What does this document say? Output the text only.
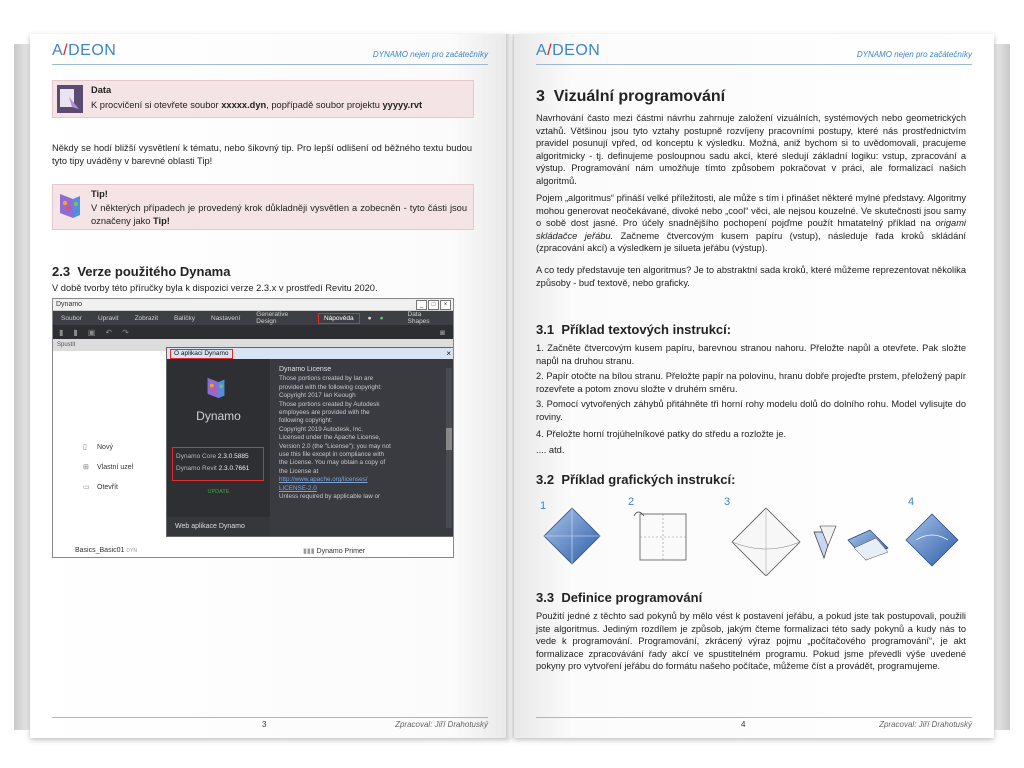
A/DEON	DYNAMO nejen pro začátečníky
Data
K procvičení si otevřete soubor xxxxx.dyn, popřípadě soubor projektu yyyyy.rvt

Někdy se hodí bližší vysvětlení k tématu, nebo šikovný tip. Pro lepší odlišení od běžného textu budou tyto tipy uváděny v barevné oblasti Tip!

Tip!
V některých případech je provedený krok důkladněji vysvětlen a zobecněn - tyto části jsou označeny jako Tip!
2.3 Verze použitého Dynama

V době tvorby této příručky byla k dispozici verze 2.3.x v prostředí Revitu 2020.

Dynamo	_	□	×
Soubor	Upravit	Zobrazit	Balíčky	Nastavení	Generative Design	Nápověda	● ●	Data Shapes
▮ ▮ ▣ ↶ ↷	◙
Spustit
▯ Nový
⊞ Vlastní uzel
▭ Otevřít
O aplikaci Dynamo	×
Dynamo
Dynamo Core 2.3.0.5885
Dynamo Revit 2.3.0.7661
UPDATE
Web aplikace Dynamo
Dynamo License
Those portions created by Ian are
provided with the following copyright:
Copyright 2017 Ian Keough
Those portions created by Autodesk
employees are provided with the
following copyright:
Copyright 2019 Autodesk, Inc.
Licensed under the Apache License,
Version 2.0 (the "License"); you may not
use this file except in compliance with
the License. You may obtain a copy of
the License at
http://www.apache.org/licenses/
LICENSE-2.0
Unless required by applicable law or
Basics_Basic01 DYN	▮▮▮ Dynamo Primer
3	Zpracoval: Jiří Drahotuský
A/DEON	DYNAMO nejen pro začátečníky
3 Vizuální programování

Navrhování často mezi částmi návrhu zahrnuje založení vizuálních, systémových nebo geometrických vztahů. Většinou jsou tyto vztahy postupně rozvíjeny pracovními postupy, které nás prostřednictvím pravidel posunují vpřed, od konceptu k výsledku. Možná, aniž bychom si to uvědomovali, pracujeme algoritmicky - tj. definujeme posloupnou sadu akcí, které sledují základní logiku: vstup, zpracování a výstup. Programování nám umožňuje tímto způsobem pokračovat v práci, ale formalizací našich algoritmů.

Pojem „algoritmus“ přináší velké příležitosti, ale může s tím i přinášet některé mylné představy. Algoritmy mohou generovat neočekávané, divoké nebo „cool“ věci, ale nejsou kouzelné. Ve skutečnosti jsou samy o sobě dost jasné. Pro účely snadnějšího pochopení pojďme použít hmatatelný příklad na origami skládačce jeřábu. Začneme čtvercovým kusem papíru (vstup), následuje řada kroků skládání (zpracování akcí) a výsledkem je silueta jeřábu (výstup).

A co tedy představuje ten algoritmus? Je to abstraktní sada kroků, které můžeme reprezentovat několika způsoby - buď textově, nebo graficky.

3.1 Příklad textových instrukcí:

1. Začněte čtvercovým kusem papíru, barevnou stranou nahoru. Přeložte napůl a otevřete. Pak složte napůl na druhou stranu.

2. Papír otočte na bílou stranu. Přeložte papír na polovinu, hranu dobře projeďte prstem, přeložený papír rozevřete a potom znovu složte v druhém směru.

3. Pomocí vytvořených záhybů přitáhněte tři horní rohy modelu dolů do dolního rohu. Model vylisujte do roviny.

4. Přeložte horní trojúhelníkové patky do středu a rozložte je.

.... atd.

3.2 Příklad grafických instrukcí:
1	2	3	4
3.3 Definice programování

Použití jedné z těchto sad pokynů by mělo vést k postavení jeřábu, a pokud jste tak postupovali, použili jste algoritmus. Jediným rozdílem je způsob, jakým čteme formalizaci této sady pokynů a kudy nás to vede k programování. Programování, zkrácený výraz pojmu „počítačového programování“, je akt formalizace zpracovávání řady akcí ve spustitelném programu. Pokud jsme převedli výše uvedené pokyny pro vytvoření jeřábu do formátu našeho počítače, můžeme číst a provádět, programujeme.

4	Zpracoval: Jiří Drahotuský
